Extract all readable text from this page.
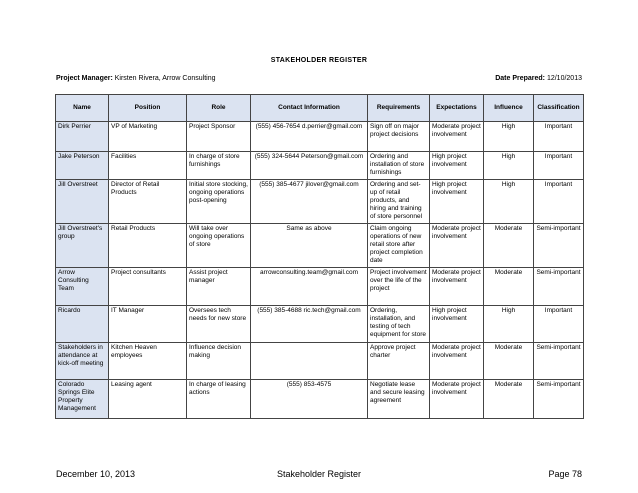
STAKEHOLDER REGISTER
Project Manager: Kirsten Rivera, Arrow Consulting	Date Prepared: 12/10/2013
Name	Position	Role	Contact Information	Requirements	Expectations	Influence	Classification
Dirk Perrier	VP of Marketing	Project Sponsor	(555) 456-7654 d.perrier@gmail.com	Sign off on major project decisions	Moderate project involvement	High	Important
Jake Peterson	Facilities	In charge of store furnishings	(555) 324-5644 Peterson@gmail.com	Ordering and installation of store furnishings	High project involvement	High	Important
Jill Overstreet	Director of Retail Products	Initial store stocking, ongoing operations post-opening	(555) 385-4677 jilover@gmail.com	Ordering and set-up of retail products, and hiring and training of store personnel	High project involvement	High	Important
Jill Overstreet's group	Retail Products	Will take over ongoing operations of store	Same as above	Claim ongoing operations of new retail store after project completion date	Moderate project involvement	Moderate	Semi-important
Arrow Consulting Team	Project consultants	Assist project manager	arrowconsulting.team@gmail.com	Project involvement over the life of the project	Moderate project involvement	Moderate	Semi-important
Ricardo	IT Manager	Oversees tech needs for new store	(555) 385-4688 ric.tech@gmail.com	Ordering, installation, and testing of tech equipment for store	High project involvement	High	Important
Stakeholders in attendance at kick-off meeting	Kitchen Heaven employees	Influence decision making		Approve project charter	Moderate project involvement	Moderate	Semi-important
Colorado Springs Elite Property Management	Leasing agent	In charge of leasing actions	(555) 853-4575	Negotiate lease and secure leasing agreement	Moderate project involvement	Moderate	Semi-important
December 10, 2013	Stakeholder Register	Page 78
